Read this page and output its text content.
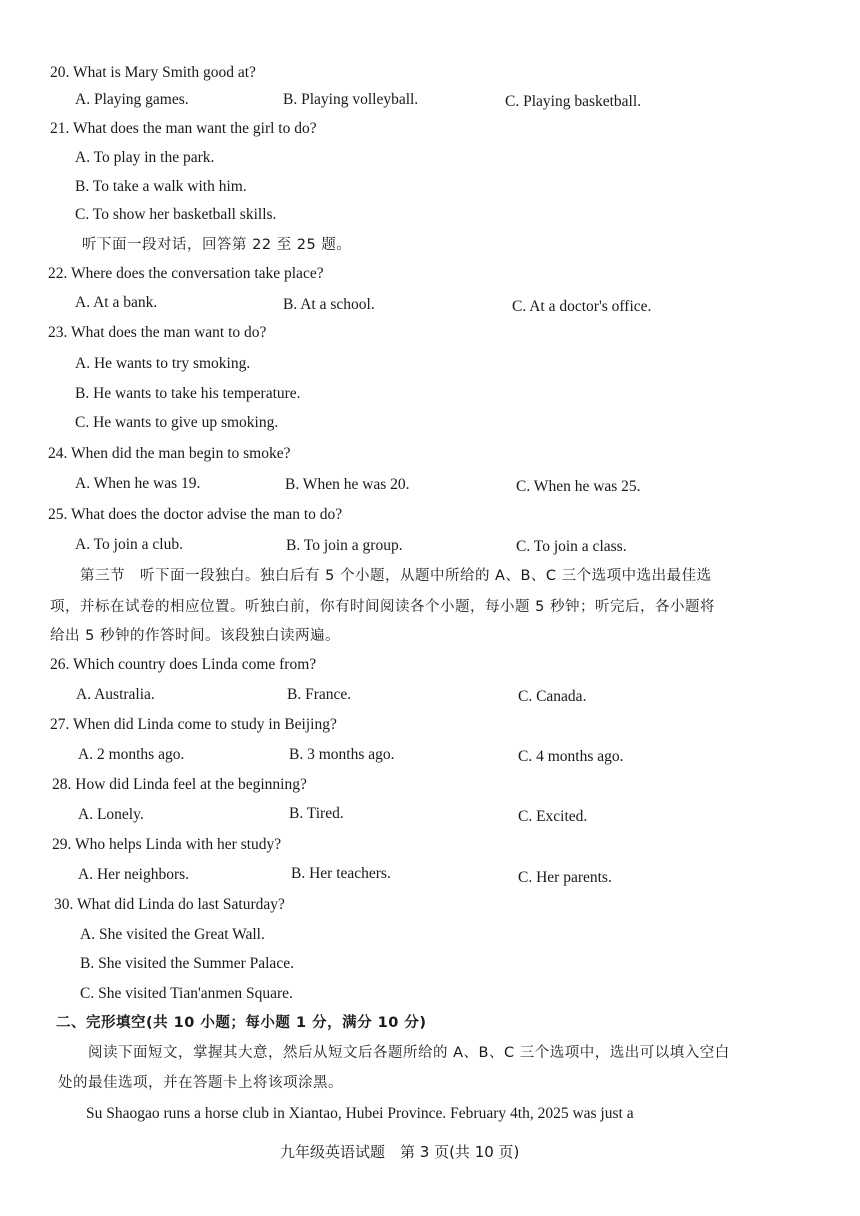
20. What is Mary Smith good at?
A. Playing games.	B. Playing volleyball.	C. Playing basketball.
21. What does the man want the girl to do?
A. To play in the park.
B. To take a walk with him.
C. To show her basketball skills.
听下面一段对话，回答第 22 至 25 题。
22. Where does the conversation take place?
A. At a bank.	B. At a school.	C. At a doctor's office.
23. What does the man want to do?
A. He wants to try smoking.
B. He wants to take his temperature.
C. He wants to give up smoking.
24. When did the man begin to smoke?
A. When he was 19.	B. When he was 20.	C. When he was 25.
25. What does the doctor advise the man to do?
A. To join a club.	B. To join a group.	C. To join a class.
第三节　听下面一段独白。独白后有 5 个小题，从题中所给的 A、B、C 三个选项中选出最佳选
项，并标在试卷的相应位置。听独白前，你有时间阅读各个小题，每小题 5 秒钟；听完后，各小题将
给出 5 秒钟的作答时间。该段独白读两遍。
26. Which country does Linda come from?
A. Australia.	B. France.	C. Canada.
27. When did Linda come to study in Beijing?
A. 2 months ago.	B. 3 months ago.	C. 4 months ago.
28. How did Linda feel at the beginning?
A. Lonely.	B. Tired.	C. Excited.
29. Who helps Linda with her study?
A. Her neighbors.	B. Her teachers.	C. Her parents.
30. What did Linda do last Saturday?
A. She visited the Great Wall.
B. She visited the Summer Palace.
C. She visited Tian'anmen Square.
二、完形填空(共 10 小题；每小题 1 分，满分 10 分)
阅读下面短文，掌握其大意，然后从短文后各题所给的 A、B、C 三个选项中，选出可以填入空白
处的最佳选项，并在答题卡上将该项涂黑。
Su Shaogao runs a horse club in Xiantao, Hubei Province. February 4th, 2025 was just a
九年级英语试题　第 3 页(共 10 页)
